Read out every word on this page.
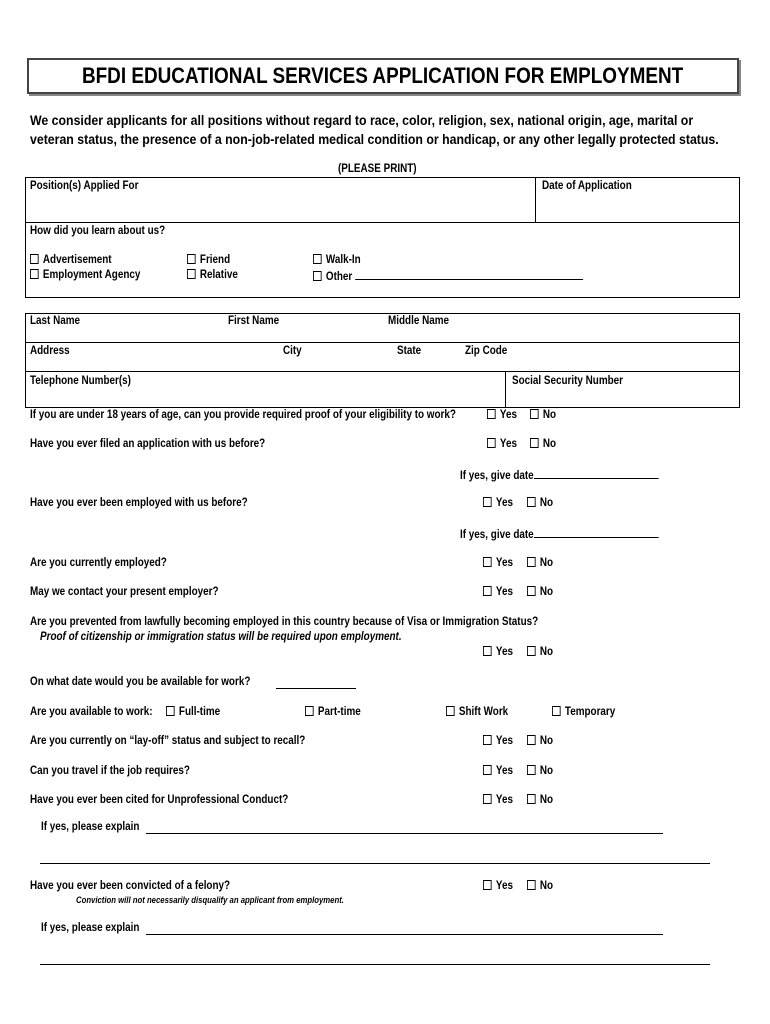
BFDI EDUCATIONAL SERVICES APPLICATION FOR EMPLOYMENT
We consider applicants for all positions without regard to race, color, religion, sex, national origin, age, marital or
veteran status, the presence of a non-job-related medical condition or handicap, or any other legally protected status.
(PLEASE PRINT)
Position(s) Applied For	Date of Application
How did you learn about us?
Advertisement
Employment Agency
Friend
Relative
Walk-In
Other
Last Name	First Name	Middle Name
Address	City	State	Zip Code
Telephone Number(s)	Social Security Number
If you are under 18 years of age, can you provide required proof of your eligibility to work?	Yes	No
Have you ever filed an application with us before?	Yes	No
If yes, give date
Have you ever been employed with us before?	Yes	No
If yes, give date
Are you currently employed?	Yes	No
May we contact your present employer?	Yes	No
Are you prevented from lawfully becoming employed in this country because of Visa or Immigration Status?
Proof of citizenship or immigration status will be required upon employment.
Yes	No
On what date would you be available for work?
Are you available to work:	Full-time	Part-time	Shift Work	Temporary
Are you currently on “lay-off” status and subject to recall?	Yes	No
Can you travel if the job requires?	Yes	No
Have you ever been cited for Unprofessional Conduct?	Yes	No
If yes, please explain
Have you ever been convicted of a felony?
Conviction will not necessarily disqualify an applicant from employment.
Yes	No
If yes, please explain
